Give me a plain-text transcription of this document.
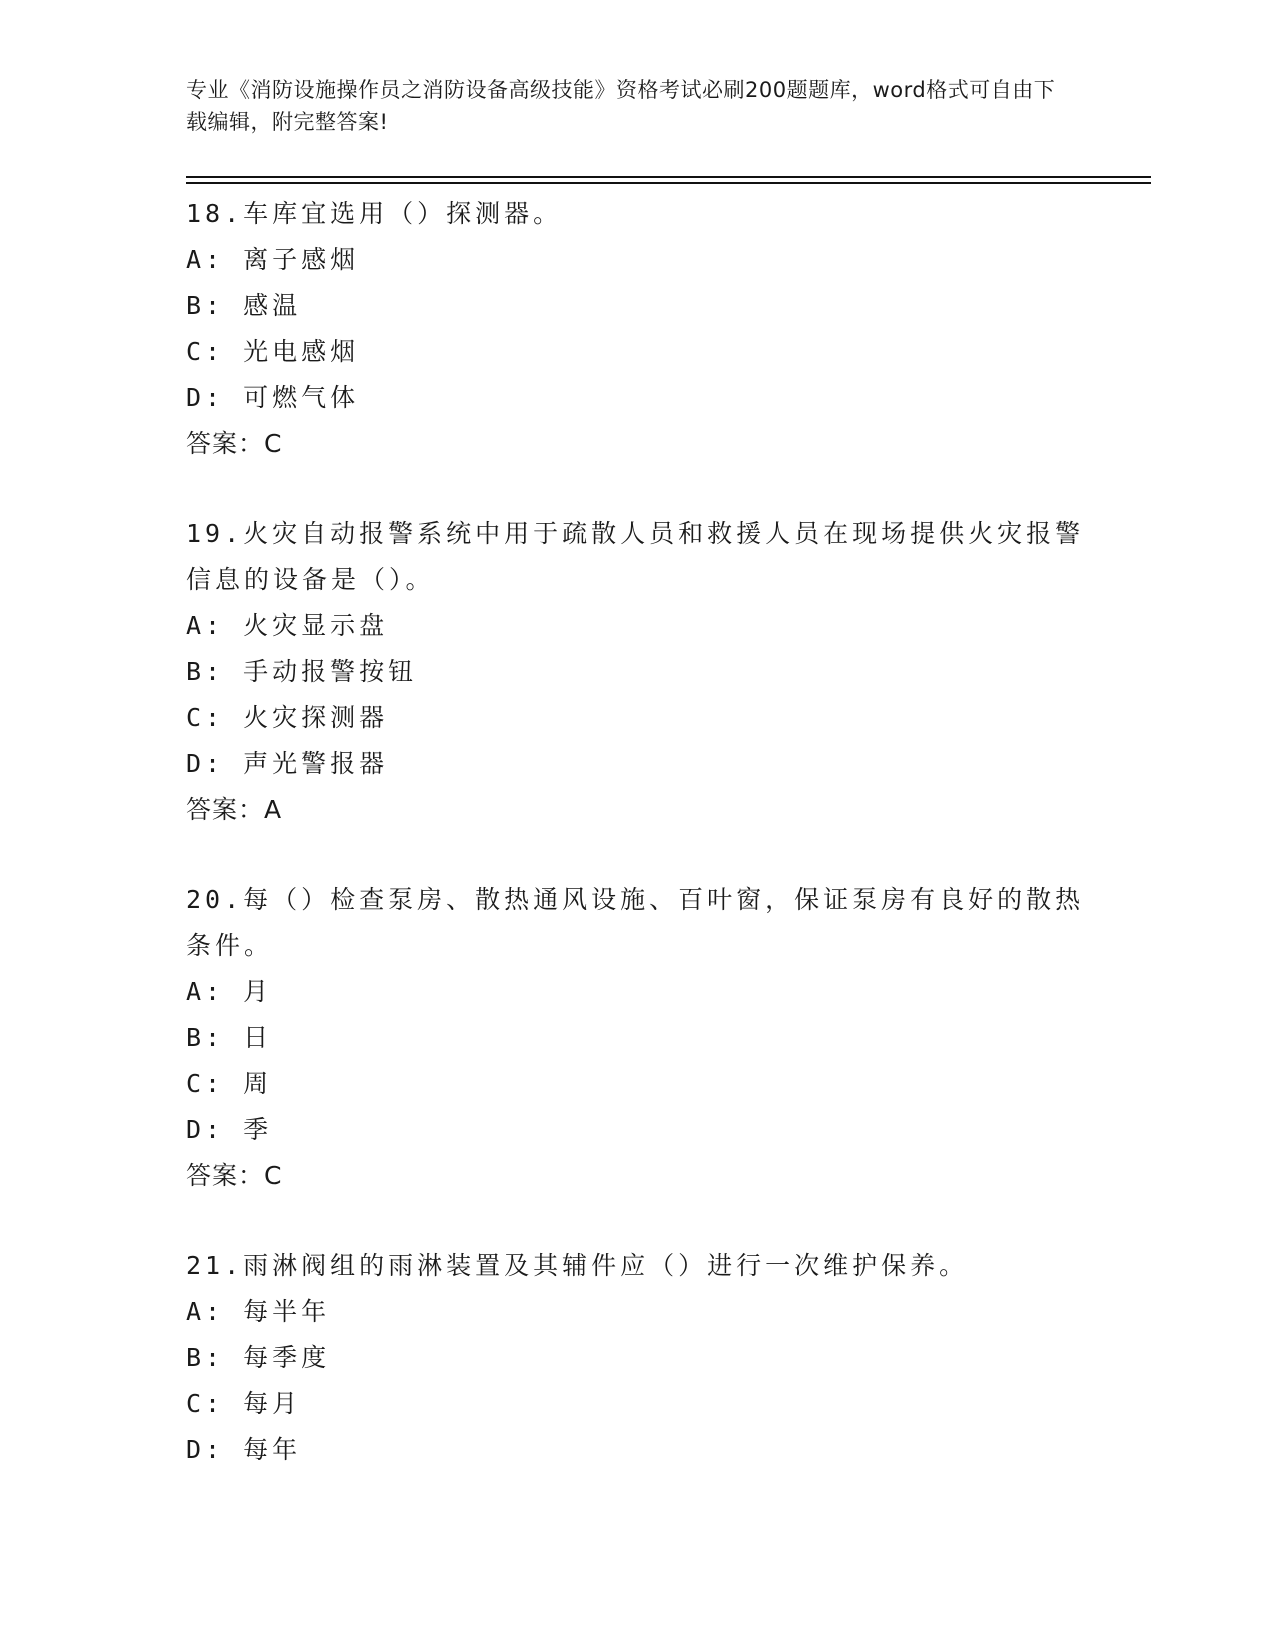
专业《消防设施操作员之消防设备高级技能》资格考试必刷200题题库，word格式可自由下载编辑，附完整答案!

18.车库宜选用（）探测器。

A: 离子感烟

B: 感温

C: 光电感烟

D: 可燃气体

答案：C

19.火灾自动报警系统中用于疏散人员和救援人员在现场提供火灾报警信息的设备是（）。

A: 火灾显示盘

B: 手动报警按钮

C: 火灾探测器

D: 声光警报器

答案：A

20.每（）检查泵房、散热通风设施、百叶窗，保证泵房有良好的散热条件。

A: 月

B: 日

C: 周

D: 季

答案：C

21.雨淋阀组的雨淋装置及其辅件应（）进行一次维护保养。

A: 每半年

B: 每季度

C: 每月

D: 每年
